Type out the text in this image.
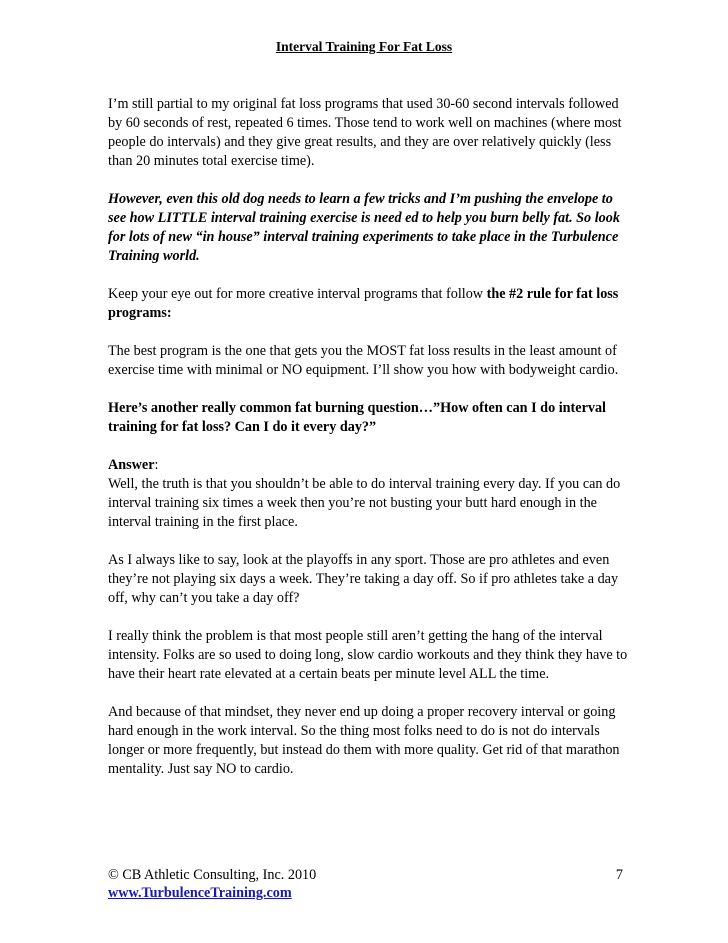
Interval Training For Fat Loss

I’m still partial to my original fat loss programs that used 30-60 second intervals followed by 60 seconds of rest, repeated 6 times. Those tend to work well on machines (where most people do intervals) and they give great results, and they are over relatively quickly (less than 20 minutes total exercise time).

However, even this old dog needs to learn a few tricks and I’m pushing the envelope to see how LITTLE interval training exercise is need ed to help you burn belly fat. So look for lots of new “in house” interval training experiments to take place in the Turbulence Training world.

Keep your eye out for more creative interval programs that follow the #2 rule for fat loss programs:

The best program is the one that gets you the MOST fat loss results in the least amount of exercise time with minimal or NO equipment. I’ll show you how with bodyweight cardio.

Here’s another really common fat burning question…”How often can I do interval training for fat loss? Can I do it every day?”

Answer:
Well, the truth is that you shouldn’t be able to do interval training every day. If you can do interval training six times a week then you’re not busting your butt hard enough in the interval training in the first place.

As I always like to say, look at the playoffs in any sport. Those are pro athletes and even they’re not playing six days a week. They’re taking a day off. So if pro athletes take a day off, why can’t you take a day off?

I really think the problem is that most people still aren’t getting the hang of the interval intensity. Folks are so used to doing long, slow cardio workouts and they think they have to have their heart rate elevated at a certain beats per minute level ALL the time.

And because of that mindset, they never end up doing a proper recovery interval or going hard enough in the work interval. So the thing most folks need to do is not do intervals longer or more frequently, but instead do them with more quality. Get rid of that marathon mentality. Just say NO to cardio.

© CB Athletic Consulting, Inc. 2010	7
www.TurbulenceTraining.com
